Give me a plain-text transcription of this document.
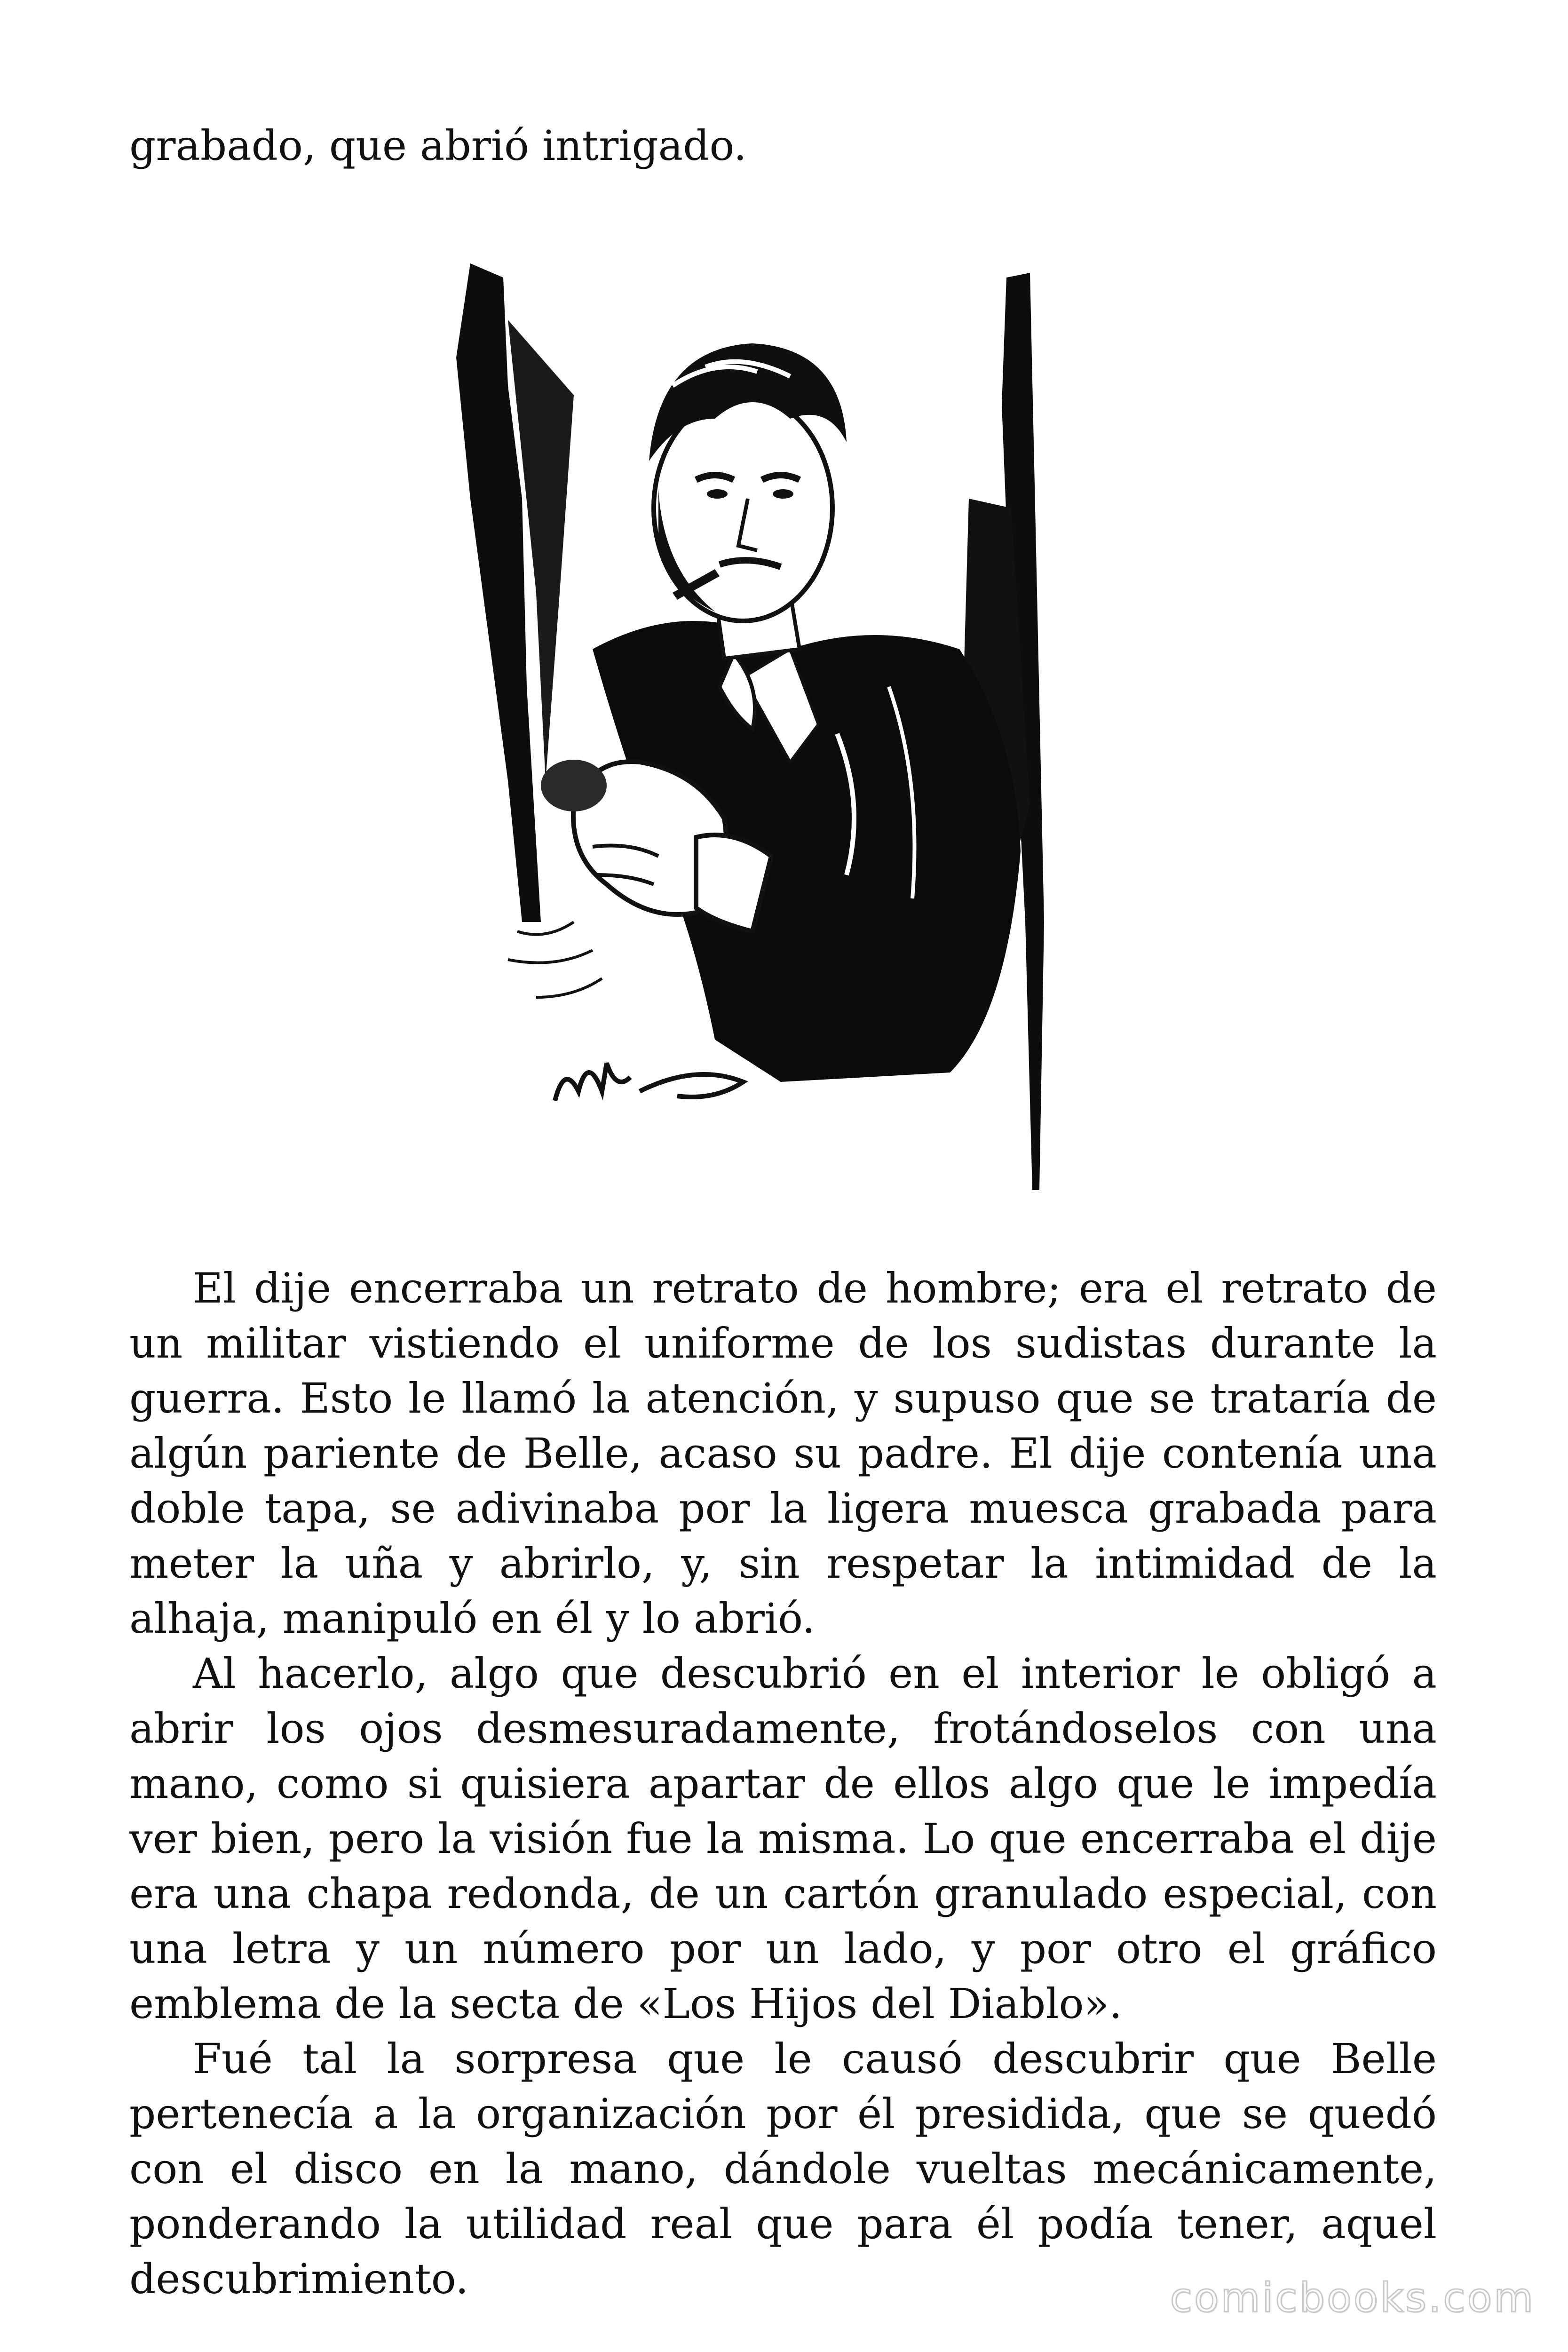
grabado, que abrió intrigado.

El dije encerraba un retrato de hombre; era el retrato de un militar vistiendo el uniforme de los sudistas durante la guerra. Esto le llamó la atención, y supuso que se trataría de algún pariente de Belle, acaso su padre. El dije contenía una doble tapa, se adivinaba por la ligera muesca grabada para meter la uña y abrirlo, y, sin respetar la intimidad de la alhaja, manipuló en él y lo abrió.

Al hacerlo, algo que descubrió en el interior le obligó a abrir los ojos desmesuradamente, frotándoselos con una mano, como si quisiera apartar de ellos algo que le impedía ver bien, pero la visión fue la misma. Lo que encerraba el dije era una chapa redonda, de un cartón granulado especial, con una letra y un número por un lado, y por otro el gráfico emblema de la secta de «Los Hijos del Diablo».

Fué tal la sorpresa que le causó descubrir que Belle pertenecía a la organización por él presidida, que se quedó con el disco en la mano, dándole vueltas mecánicamente, ponderando la utilidad real que para él podía tener, aquel descubrimiento.	comicbooks.com
